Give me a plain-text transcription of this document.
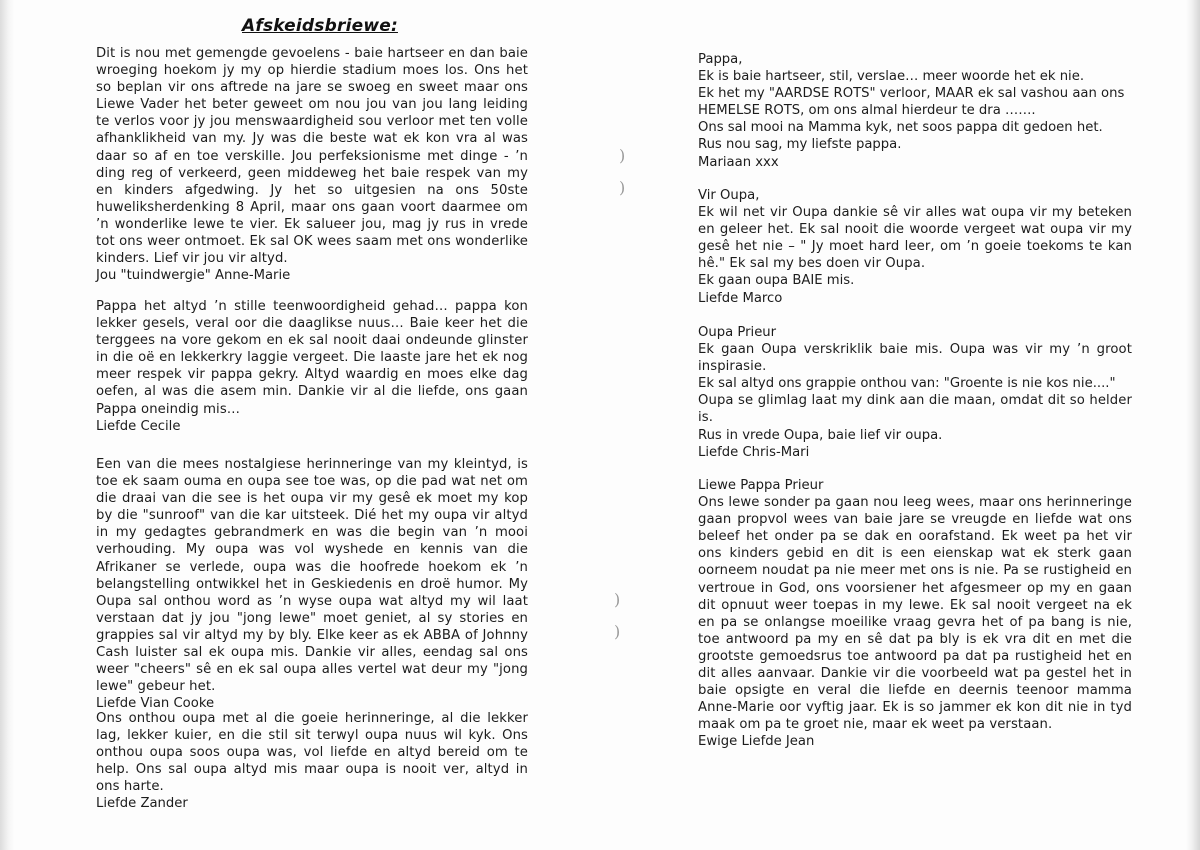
Afskeidsbriewe:

Dit is nou met gemengde gevoelens - baie hartseer en dan baie wroeging hoekom jy my op hierdie stadium moes los. Ons het so beplan vir ons aftrede na jare se swoeg en sweet maar ons Liewe Vader het beter geweet om nou jou van jou lang leiding te verlos voor jy jou menswaardigheid sou verloor met ten volle afhanklikheid van my. Jy was die beste wat ek kon vra al was daar so af en toe verskille. Jou perfeksionisme met dinge - ’n ding reg of verkeerd, geen middeweg het baie respek van my en kinders afgedwing. Jy het so uitgesien na ons 50ste huweliksherdenking 8 April, maar ons gaan voort daarmee om ’n wonderlike lewe te vier. Ek salueer jou, mag jy rus in vrede tot ons weer ontmoet. Ek sal OK wees saam met ons wonderlike kinders. Lief vir jou vir altyd.

Jou "tuindwergie" Anne-Marie

Pappa het altyd ’n stille teenwoordigheid gehad… pappa kon lekker gesels, veral oor die daaglikse nuus… Baie keer het die terggees na vore gekom en ek sal nooit daai ondeunde glinster in die oë en lekkerkry laggie vergeet. Die laaste jare het ek nog meer respek vir pappa gekry. Altyd waardig en moes elke dag oefen, al was die asem min. Dankie vir al die liefde, ons gaan Pappa oneindig mis…

Liefde Cecile

Een van die mees nostalgiese herinneringe van my kleintyd, is toe ek saam ouma en oupa see toe was, op die pad wat net om die draai van die see is het oupa vir my gesê ek moet my kop by die "sunroof" van die kar uitsteek. Dié het my oupa vir altyd in my gedagtes gebrandmerk en was die begin van ’n mooi verhouding. My oupa was vol wyshede en kennis van die Afrikaner se verlede, oupa was die hoofrede hoekom ek ’n belangstelling ontwikkel het in Geskiedenis en droë humor. My Oupa sal onthou word as ’n wyse oupa wat altyd my wil laat verstaan dat jy jou "jong lewe" moet geniet, al sy stories en grappies sal vir altyd my by bly. Elke keer as ek ABBA of Johnny Cash luister sal ek oupa mis. Dankie vir alles, eendag sal ons weer "cheers" sê en ek sal oupa alles vertel wat deur my "jong lewe" gebeur het.

Liefde Vian Cooke

Ons onthou oupa met al die goeie herinneringe, al die lekker lag, lekker kuier, en die stil sit terwyl oupa nuus wil kyk. Ons onthou oupa soos oupa was, vol liefde en altyd bereid om te help. Ons sal oupa altyd mis maar oupa is nooit ver, altyd in ons harte.

Liefde Zander

)
)
)
)

Pappa,

Ek is baie hartseer, stil, verslae… meer woorde het ek nie.

Ek het my "AARDSE ROTS" verloor, MAAR ek sal vashou aan ons

HEMELSE ROTS, om ons almal hierdeur te dra …….

Ons sal mooi na Mamma kyk, net soos pappa dit gedoen het.

Rus nou sag, my liefste pappa.

Mariaan xxx

Vir Oupa,

Ek wil net vir Oupa dankie sê vir alles wat oupa vir my beteken en geleer het. Ek sal nooit die woorde vergeet wat oupa vir my gesê het nie – " Jy moet hard leer, om ’n goeie toekoms te kan hê." Ek sal my bes doen vir Oupa.

Ek gaan oupa BAIE mis.

Liefde Marco

Oupa Prieur

Ek gaan Oupa verskriklik baie mis. Oupa was vir my ’n groot inspirasie.

Ek sal altyd ons grappie onthou van: "Groente is nie kos nie...."

Oupa se glimlag laat my dink aan die maan, omdat dit so helder is.

Rus in vrede Oupa, baie lief vir oupa.

Liefde Chris-Mari

Liewe Pappa Prieur

Ons lewe sonder pa gaan nou leeg wees, maar ons herinneringe gaan propvol wees van baie jare se vreugde en liefde wat ons beleef het onder pa se dak en oorafstand. Ek weet pa het vir ons kinders gebid en dit is een eienskap wat ek sterk gaan oorneem noudat pa nie meer met ons is nie. Pa se rustigheid en vertroue in God, ons voorsiener het afgesmeer op my en gaan dit opnuut weer toepas in my lewe. Ek sal nooit vergeet na ek en pa se onlangse moeilike vraag gevra het of pa bang is nie, toe antwoord pa my en sê dat pa bly is ek vra dit en met die grootste gemoedsrus toe antwoord pa dat pa rustigheid het en dit alles aanvaar. Dankie vir die voorbeeld wat pa gestel het in baie opsigte en veral die liefde en deernis teenoor mamma Anne-Marie oor vyftig jaar. Ek is so jammer ek kon dit nie in tyd maak om pa te groet nie, maar ek weet pa verstaan.

Ewige Liefde Jean
